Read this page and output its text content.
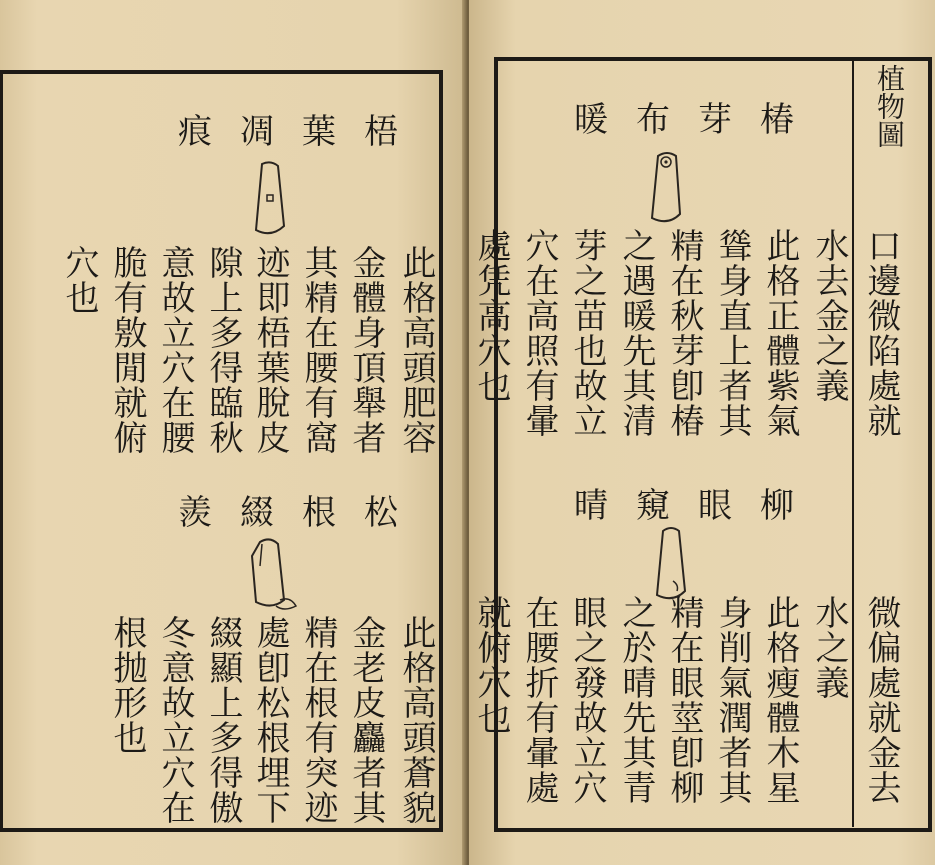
梧葉凋痕
此格高頭肥容
金體身頂舉者
其精在腰有窩
迹即梧葉脫皮
隙上多得臨秋
意故立穴在腰
脆有敫閒就俯
穴也
松根綴羨
此格高頭蒼貌
金老皮麤者其
精在根有突迹
處卽松根埋下
綴顯上多得傲
冬意故立穴在
根抛形也
植物圖
椿芽布暖
口邊微陷處就
水去金之義
此格正體紫氣
聳身直上者其
精在秋芽卽椿
之遇暖先其清
芽之苗也故立
穴在高照有暈
處凭高穴也
柳眼窺晴
微偏處就金去
水之義
此格瘦體木星
身削氣潤者其
精在眼莖卽柳
之於晴先其青
眼之發故立穴
在腰折有暈處
就俯穴也
